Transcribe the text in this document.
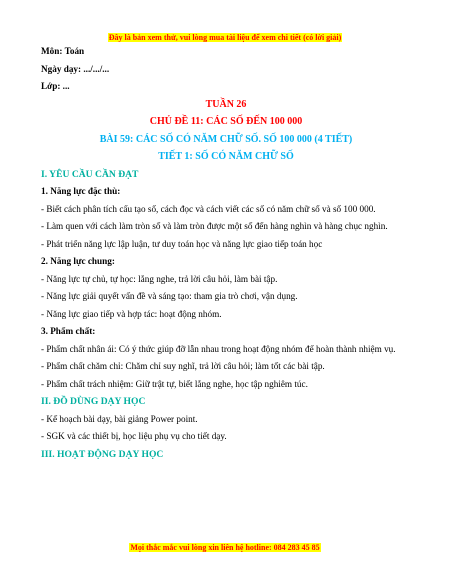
Đây là bản xem thử, vui lòng mua tài liệu để xem chi tiết (có lời giải)
Môn: Toán
Ngày dạy: .../.../...
Lớp: ...
TUẦN 26
CHỦ ĐỀ 11: CÁC SỐ ĐẾN 100 000
BÀI 59: CÁC SỐ CÓ NĂM CHỮ SỐ. SỐ 100 000 (4 TIẾT)
TIẾT 1: SỐ CÓ NĂM CHỮ SỐ
I. YÊU CẦU CẦN ĐẠT
1. Năng lực đặc thù:
- Biết cách phân tích cấu tạo số, cách đọc và cách viết các số có năm chữ số và số 100 000.
- Làm quen với cách làm tròn số và làm tròn được một số đến hàng nghìn và hàng chục nghìn.
- Phát triển năng lực lập luận, tư duy toán học và năng lực giao tiếp toán học
2. Năng lực chung:
- Năng lực tự chủ, tự học: lắng nghe, trả lời câu hỏi, làm bài tập.
- Năng lực giải quyết vấn đề và sáng tạo: tham gia trò chơi, vận dụng.
- Năng lực giao tiếp và hợp tác: hoạt động nhóm.
3. Phẩm chất:
- Phẩm chất nhân ái: Có ý thức giúp đỡ lẫn nhau trong hoạt động nhóm để hoàn thành nhiệm vụ.
- Phẩm chất chăm chỉ: Chăm chỉ suy nghĩ, trả lời câu hỏi; làm tốt các bài tập.
- Phẩm chất trách nhiệm: Giữ trật tự, biết lắng nghe, học tập nghiêm túc.
II. ĐỒ DÙNG DẠY HỌC
- Kế hoạch bài dạy, bài giảng Power point.
- SGK và các thiết bị, học liệu phụ vụ cho tiết dạy.
III. HOẠT ĐỘNG DẠY HỌC
Mọi thắc mắc vui lòng xin liên hệ hotline: 084 283 45 85
